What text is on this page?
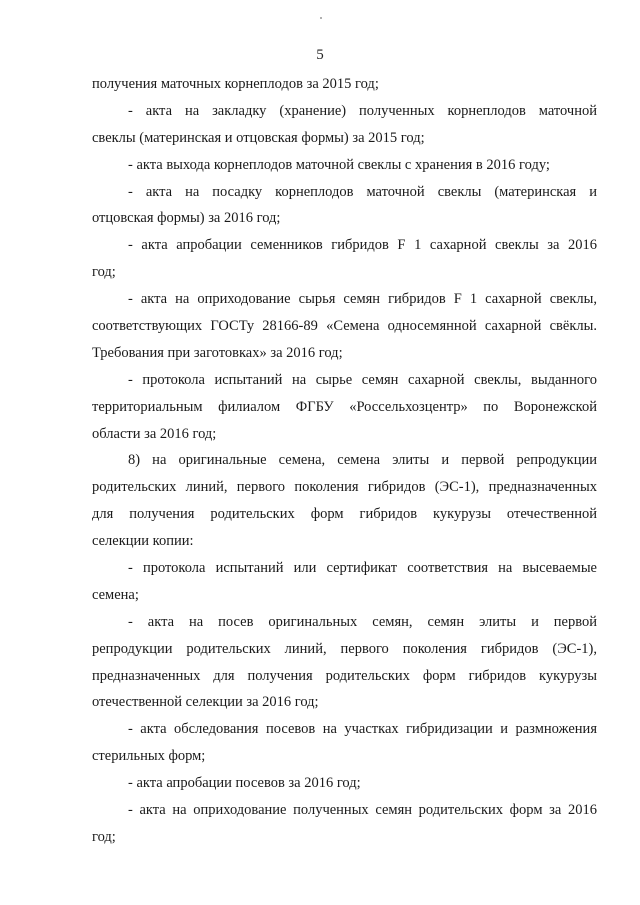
5
получения маточных корнеплодов за 2015 год;
- акта на закладку (хранение) полученных корнеплодов маточной
свеклы (материнская и отцовская формы) за 2015 год;
- акта выхода корнеплодов маточной свеклы с хранения в 2016 году;
- акта на посадку корнеплодов маточной свеклы (материнская и
отцовская формы) за 2016 год;
- акта апробации семенников гибридов F 1 сахарной свеклы за 2016
год;
- акта на оприходование сырья семян гибридов F 1 сахарной свеклы,
соответствующих ГОСТу 28166-89 «Семена односемянной сахарной свёклы.
Требования при заготовках» за 2016 год;
- протокола испытаний на сырье семян сахарной свеклы, выданного
территориальным филиалом ФГБУ «Россельхозцентр» по Воронежской
области за 2016 год;
8) на оригинальные семена, семена элиты и первой репродукции
родительских линий, первого поколения гибридов (ЭС-1), предназначенных
для получения родительских форм гибридов кукурузы отечественной
селекции копии:
- протокола испытаний или сертификат соответствия на высеваемые
семена;
- акта на посев оригинальных семян, семян элиты и первой
репродукции родительских линий, первого поколения гибридов (ЭС-1),
предназначенных для получения родительских форм гибридов кукурузы
отечественной селекции за 2016 год;
- акта обследования посевов на участках гибридизации и размножения
стерильных форм;
- акта апробации посевов за 2016 год;
- акта на оприходование полученных семян родительских форм за 2016
год;
